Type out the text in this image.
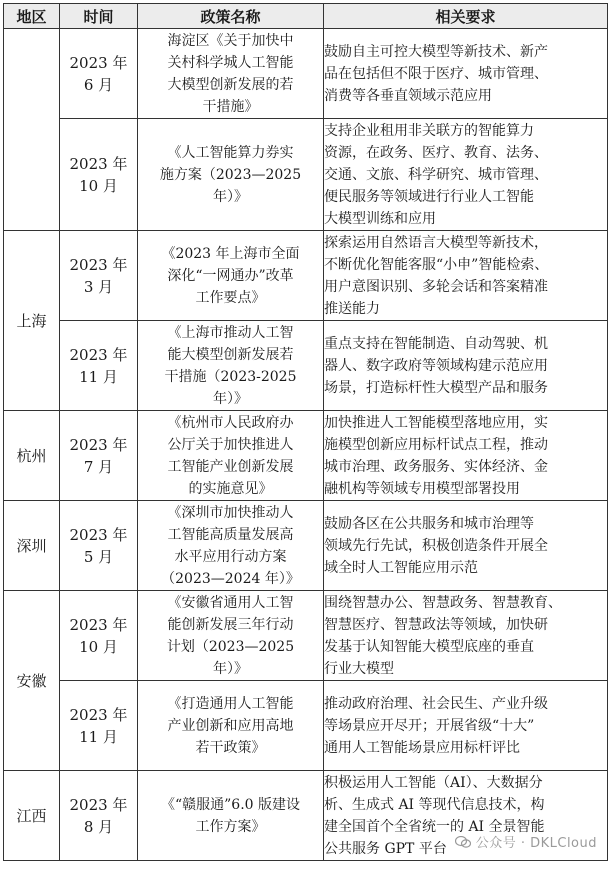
地区	时间	政策名称	相关要求

	2023 年
6 月	海淀区《关于加快中
关村科学城人工智能
大模型创新发展的若
干措施》	鼓励自主可控大模型等新技术、新产
品在包括但不限于医疗、城市管理、
消费等各垂直领域示范应用

	2023 年
10 月	《人工智能算力券实
施方案（2023—2025
年）》	支持企业租用非关联方的智能算力
资源，在政务、医疗、教育、法务、
交通、文旅、科学研究、城市管理、
便民服务等领域进行行业人工智能
大模型训练和应用

上海	2023 年
3 月	《2023 年上海市全面
深化“一网通办”改革
工作要点》	探索运用自然语言大模型等新技术，
不断优化智能客服“小申”智能检索、
用户意图识别、多轮会话和答案精准
推送能力

	2023 年
11 月	《上海市推动人工智
能大模型创新发展若
干措施（2023-2025
年）》	重点支持在智能制造、自动驾驶、机
器人、数字政府等领域构建示范应用
场景，打造标杆性大模型产品和服务

杭州	2023 年
7 月	《杭州市人民政府办
公厅关于加快推进人
工智能产业创新发展
的实施意见》	加快推进人工智能模型落地应用，实
施模型创新应用标杆试点工程，推动
城市治理、政务服务、实体经济、金
融机构等领域专用模型部署投用

深圳	2023 年
5 月	《深圳市加快推动人
工智能高质量发展高
水平应用行动方案
（2023—2024 年）》	鼓励各区在公共服务和城市治理等
领域先行先试，积极创造条件开展全
域全时人工智能应用示范

安徽	2023 年
10 月	《安徽省通用人工智
能创新发展三年行动
计划（2023—2025
年）》	围绕智慧办公、智慧政务、智慧教育、
智慧医疗、智慧政法等领域，加快研
发基于认知智能大模型底座的垂直
行业大模型

	2023 年
11 月	《打造通用人工智能
产业创新和应用高地
若干政策》	推动政府治理、社会民生、产业升级
等场景应开尽开；开展省级“十大”
通用人工智能场景应用标杆评比

江西	2023 年
8 月	《“赣服通”6.0 版建设
工作方案》	积极运用人工智能（AI）、大数据分
析、生成式 AI 等现代信息技术，构
建全国首个全省统一的 AI 全景智能
公共服务 GPT 平台	公众号 · DKLCloud
